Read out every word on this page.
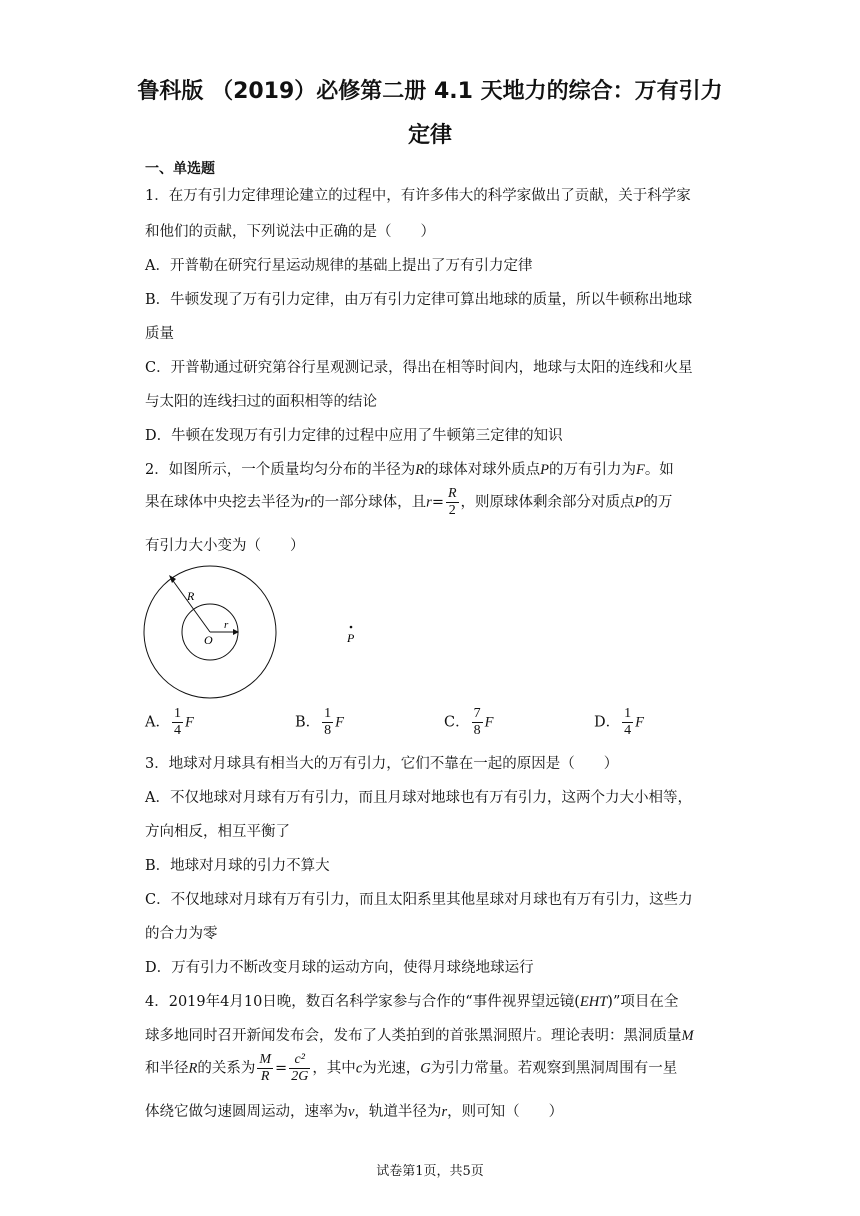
鲁科版 （2019）必修第二册 4.1 天地力的综合：万有引力
定律
一、单选题
1．在万有引力定律理论建立的过程中，有许多伟大的科学家做出了贡献，关于科学家
和他们的贡献，下列说法中正确的是（　　）
A．开普勒在研究行星运动规律的基础上提出了万有引力定律
B．牛顿发现了万有引力定律，由万有引力定律可算出地球的质量，所以牛顿称出地球
质量
C．开普勒通过研究第谷行星观测记录，得出在相等时间内，地球与太阳的连线和火星
与太阳的连线扫过的面积相等的结论
D．牛顿在发现万有引力定律的过程中应用了牛顿第三定律的知识
2．如图所示，一个质量均匀分布的半径为R的球体对球外质点P的万有引力为F。如
果在球体中央挖去半径为r的一部分球体，且$r= \frac{R}{2}$ ，则原球体剩余部分对质点P的万
有引力大小变为（　　）
R
O
r
P
A． $\frac{1}{4}$ F	B． $\frac{1}{8}$ F	C． $\frac{7}{8}$ F	D． $\frac{1}{4}$ F
3．地球对月球具有相当大的万有引力，它们不靠在一起的原因是（　　）
A．不仅地球对月球有万有引力，而且月球对地球也有万有引力，这两个力大小相等，
方向相反，相互平衡了
B．地球对月球的引力不算大
C．不仅地球对月球有万有引力，而且太阳系里其他星球对月球也有万有引力，这些力
的合力为零
D．万有引力不断改变月球的运动方向，使得月球绕地球运行
4．2019年4月10日晚，数百名科学家参与合作的“事件视界望远镜(EHT)”项目在全
球多地同时召开新闻发布会，发布了人类拍到的首张黑洞照片。理论表明：黑洞质量M
和半径R的关系为 $\frac{M}{R} = \frac{\text{c²}}{2G}$ ，其中c为光速，G为引力常量。若观察到黑洞周围有一星
体绕它做匀速圆周运动，速率为v，轨道半径为r，则可知（　　）
试卷第1页，共5页
